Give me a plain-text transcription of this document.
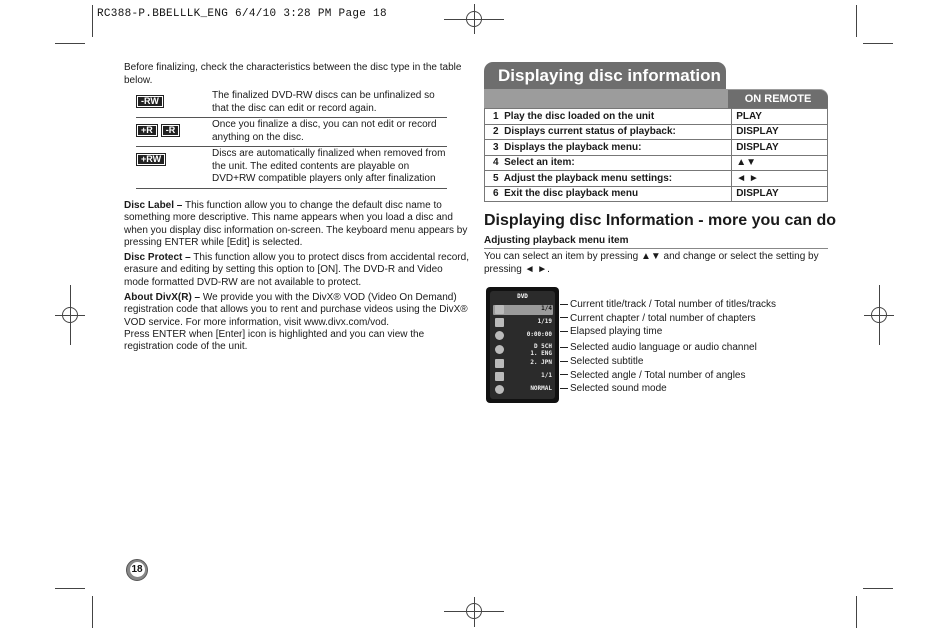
RC388-P.BBELLLK_ENG 6/4/10 3:28 PM Page 18
Before finalizing, check the characteristics between the disc type in the table below.
-RW	The finalized DVD-RW discs can be unfinalized so that the disc can edit or record again.
+R -R	Once you finalize a disc, you can not edit or record anything on the disc.
+RW	Discs are automatically finalized when removed from the unit. The edited contents are playable on DVD+RW compatible players only after finalization

Disc Label – This function allow you to change the default disc name to something more descriptive. This name appears when you load a disc and when you display disc information on-screen. The keyboard menu appears by pressing ENTER while [Edit] is selected.

Disc Protect – This function allow you to protect discs from accidental record, erasure and editing by setting this option to [ON]. The DVD-R and Video mode formatted DVD-RW are not available to protect.

About DivX(R) – We provide you with the DivX® VOD (Video On Demand) registration code that allows you to rent and purchase videos using the DivX® VOD service. For more information, visit www.divx.com/vod.

Press ENTER when [Enter] icon is highlighted and you can view the registration code of the unit.

Displaying disc information
ON REMOTE
1 Play the disc loaded on the unit	PLAY
2 Displays current status of playback:	DISPLAY
3 Displays the playback menu:	DISPLAY
4 Select an item:	▲▼
5 Adjust the playback menu settings:	◄ ►
6 Exit the disc playback menu	DISPLAY
Displaying disc Information - more you can do
Adjusting playback menu item
You can select an item by pressing ▲▼ and change or select the setting by pressing ◄ ►.
DVD
1/4
1/19
0:00:00
D 5CH
1. ENG
2. JPN
1/1
NORMAL
Current title/track / Total number of titles/tracks
Current chapter / total number of chapters
Elapsed playing time
Selected audio language or audio channel
Selected subtitle
Selected angle / Total number of angles
Selected sound mode
18
